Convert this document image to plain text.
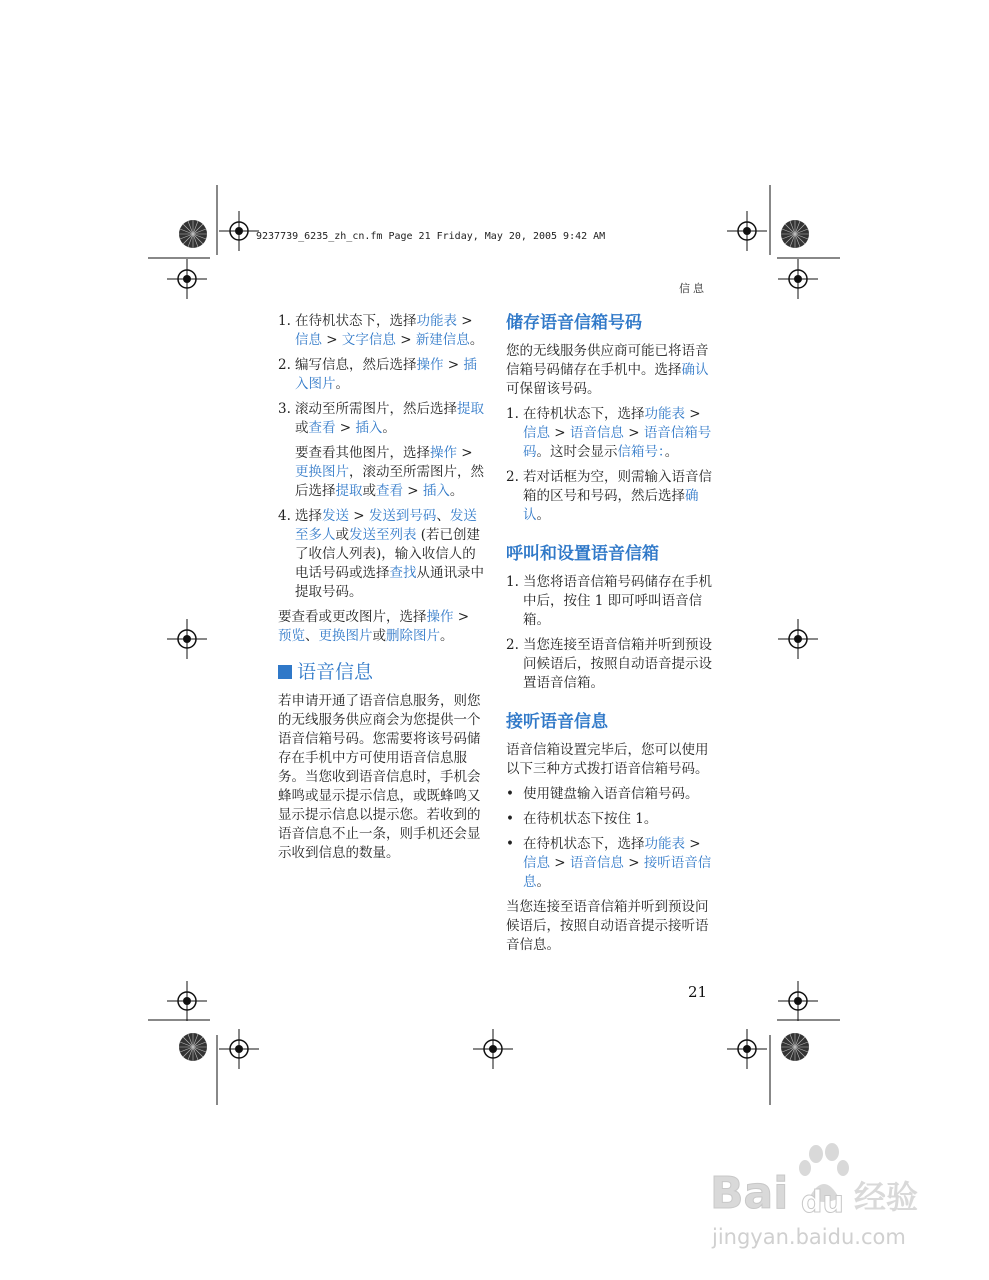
9237739_6235_zh_cn.fm Page 21 Friday, May 20, 2005 9:42 AM
信息
1. 在待机状态下，选择功能表 > 信息 > 文字信息 > 新建信息。
2. 编写信息，然后选择操作 > 插入图片。
3. 滚动至所需图片，然后选择提取或查看 > 插入。
要查看其他图片，选择操作 > 更换图片，滚动至所需图片，然后选择提取或查看 > 插入。
4. 选择发送 > 发送到号码、发送至多人或发送至列表 (若已创建了收信人列表)，输入收信人的电话号码或选择查找从通讯录中提取号码。
要查看或更改图片，选择操作 > 预览、更换图片或删除图片。
语音信息
若申请开通了语音信息服务，则您的无线服务供应商会为您提供一个语音信箱号码。您需要将该号码储存在手机中方可使用语音信息服务。当您收到语音信息时，手机会蜂鸣或显示提示信息，或既蜂鸣又显示提示信息以提示您。若收到的语音信息不止一条，则手机还会显示收到信息的数量。
储存语音信箱号码
您的无线服务供应商可能已将语音信箱号码储存在手机中。选择确认可保留该号码。
1. 在待机状态下，选择功能表 > 信息 > 语音信息 > 语音信箱号码。这时会显示信箱号：。
2. 若对话框为空，则需输入语音信箱的区号和号码，然后选择确认。
呼叫和设置语音信箱
1. 当您将语音信箱号码储存在手机中后，按住 1 即可呼叫语音信箱。
2. 当您连接至语音信箱并听到预设问候语后，按照自动语音提示设置语音信箱。
接听语音信息
语音信箱设置完毕后，您可以使用以下三种方式拨打语音信箱号码。
• 使用键盘输入语音信箱号码。
• 在待机状态下按住 1。
• 在待机状态下，选择功能表 > 信息 > 语音信息 > 接听语音信息。
当您连接至语音信箱并听到预设问候语后，按照自动语音提示接听语音信息。
21
Bai du 经验
jingyan.baidu.com
